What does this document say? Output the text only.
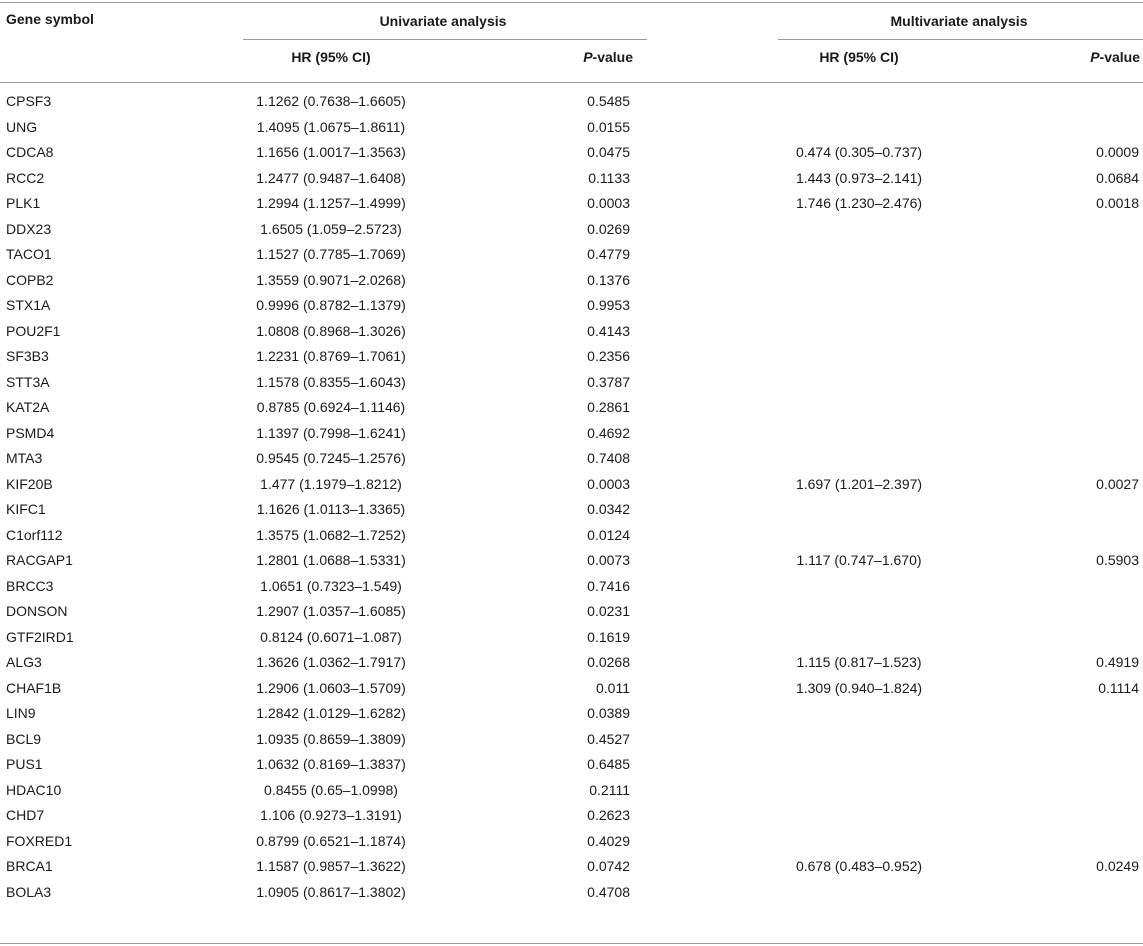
Gene symbol	Univariate analysis	Multivariate analysis
HR (95% CI)	P-value	HR (95% CI)	P-value
CPSF3	1.1262 (0.7638–1.6605)	0.5485
UNG	1.4095 (1.0675–1.8611)	0.0155
CDCA8	1.1656 (1.0017–1.3563)	0.0475	0.474 (0.305–0.737)	0.0009
RCC2	1.2477 (0.9487–1.6408)	0.1133	1.443 (0.973–2.141)	0.0684
PLK1	1.2994 (1.1257–1.4999)	0.0003	1.746 (1.230–2.476)	0.0018
DDX23	1.6505 (1.059–2.5723)	0.0269
TACO1	1.1527 (0.7785–1.7069)	0.4779
COPB2	1.3559 (0.9071–2.0268)	0.1376
STX1A	0.9996 (0.8782–1.1379)	0.9953
POU2F1	1.0808 (0.8968–1.3026)	0.4143
SF3B3	1.2231 (0.8769–1.7061)	0.2356
STT3A	1.1578 (0.8355–1.6043)	0.3787
KAT2A	0.8785 (0.6924–1.1146)	0.2861
PSMD4	1.1397 (0.7998–1.6241)	0.4692
MTA3	0.9545 (0.7245–1.2576)	0.7408
KIF20B	1.477 (1.1979–1.8212)	0.0003	1.697 (1.201–2.397)	0.0027
KIFC1	1.1626 (1.0113–1.3365)	0.0342
C1orf112	1.3575 (1.0682–1.7252)	0.0124
RACGAP1	1.2801 (1.0688–1.5331)	0.0073	1.117 (0.747–1.670)	0.5903
BRCC3	1.0651 (0.7323–1.549)	0.7416
DONSON	1.2907 (1.0357–1.6085)	0.0231
GTF2IRD1	0.8124 (0.6071–1.087)	0.1619
ALG3	1.3626 (1.0362–1.7917)	0.0268	1.115 (0.817–1.523)	0.4919
CHAF1B	1.2906 (1.0603–1.5709)	0.011	1.309 (0.940–1.824)	0.1114
LIN9	1.2842 (1.0129–1.6282)	0.0389
BCL9	1.0935 (0.8659–1.3809)	0.4527
PUS1	1.0632 (0.8169–1.3837)	0.6485
HDAC10	0.8455 (0.65–1.0998)	0.2111
CHD7	1.106 (0.9273–1.3191)	0.2623
FOXRED1	0.8799 (0.6521–1.1874)	0.4029
BRCA1	1.1587 (0.9857–1.3622)	0.0742	0.678 (0.483–0.952)	0.0249
BOLA3	1.0905 (0.8617–1.3802)	0.4708
